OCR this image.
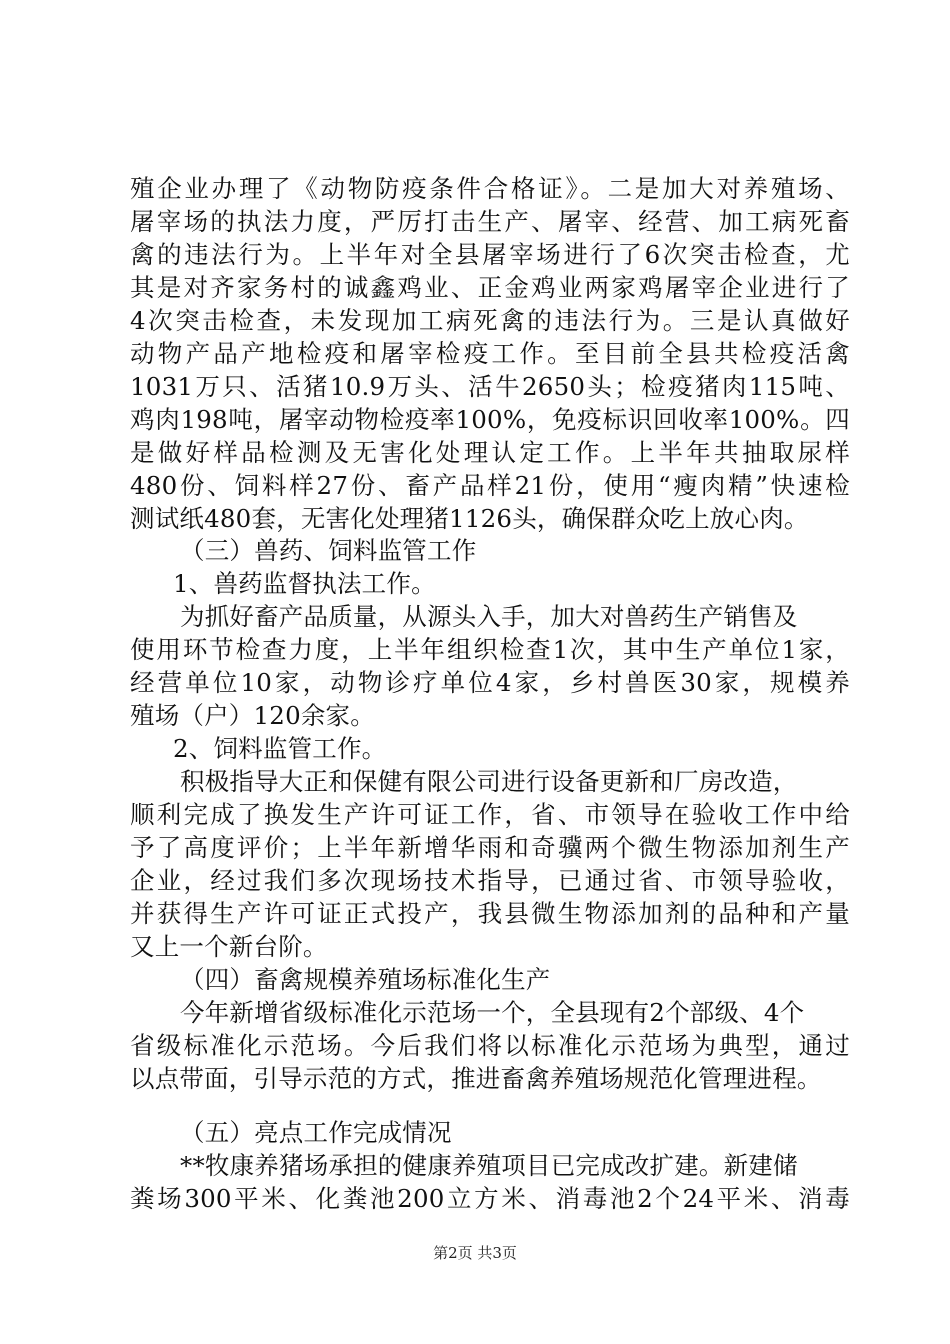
殖企业办理了《动物防疫条件合格证》。二是加大对养殖场、
屠宰场的执法力度，严厉打击生产、屠宰、经营、加工病死畜
禽的违法行为。上半年对全县屠宰场进行了6次突击检查，尤
其是对齐家务村的诚鑫鸡业、正金鸡业两家鸡屠宰企业进行了
4次突击检查，未发现加工病死禽的违法行为。三是认真做好
动物产品产地检疫和屠宰检疫工作。至目前全县共检疫活禽
1031万只、活猪10.9万头、活牛2650头；检疫猪肉115吨、
鸡肉198吨，屠宰动物检疫率100%，免疫标识回收率100%。四
是做好样品检测及无害化处理认定工作。上半年共抽取尿样
480份、饲料样27份、畜产品样21份，使用“瘦肉精”快速检
测试纸480套，无害化处理猪1126头，确保群众吃上放心肉。
（三）兽药、饲料监管工作
1、兽药监督执法工作。
为抓好畜产品质量，从源头入手，加大对兽药生产销售及
使用环节检查力度，上半年组织检查1次，其中生产单位1家，
经营单位10家，动物诊疗单位4家，乡村兽医30家，规模养
殖场（户）120余家。
2、饲料监管工作。
积极指导大正和保健有限公司进行设备更新和厂房改造，
顺利完成了换发生产许可证工作，省、市领导在验收工作中给
予了高度评价；上半年新增华雨和奇骥两个微生物添加剂生产
企业，经过我们多次现场技术指导，已通过省、市领导验收，
并获得生产许可证正式投产，我县微生物添加剂的品种和产量
又上一个新台阶。
（四）畜禽规模养殖场标准化生产
今年新增省级标准化示范场一个，全县现有2个部级、4个
省级标准化示范场。今后我们将以标准化示范场为典型，通过
以点带面，引导示范的方式，推进畜禽养殖场规范化管理进程。
（五）亮点工作完成情况
**牧康养猪场承担的健康养殖项目已完成改扩建。新建储
粪场300平米、化粪池200立方米、消毒池2个24平米、消毒
第2页 共3页
